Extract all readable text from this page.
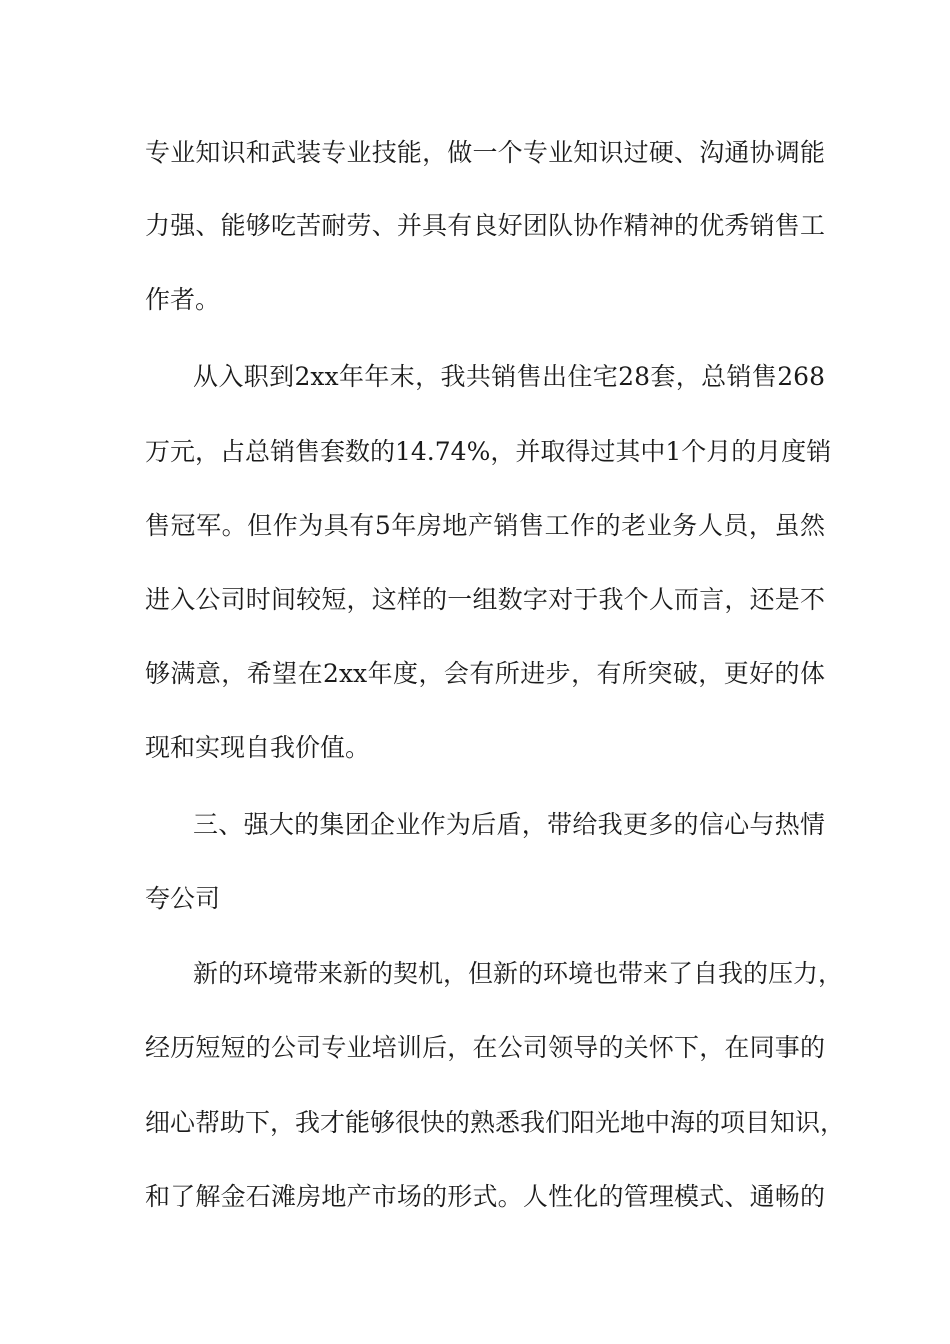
专业知识和武装专业技能，做一个专业知识过硬、沟通协调能
力强、能够吃苦耐劳、并具有良好团队协作精神的优秀销售工
作者。
从入职到2xx年年末，我共销售出住宅28套，总销售268
万元，占总销售套数的14.74%，并取得过其中1个月的月度销
售冠军。但作为具有5年房地产销售工作的老业务人员，虽然
进入公司时间较短，这样的一组数字对于我个人而言，还是不
够满意，希望在2xx年度，会有所进步，有所突破，更好的体
现和实现自我价值。
三、强大的集团企业作为后盾，带给我更多的信心与热情
夸公司
新的环境带来新的契机，但新的环境也带来了自我的压力，
经历短短的公司专业培训后，在公司领导的关怀下，在同事的
细心帮助下，我才能够很快的熟悉我们阳光地中海的项目知识，
和了解金石滩房地产市场的形式。人性化的管理模式、通畅的
